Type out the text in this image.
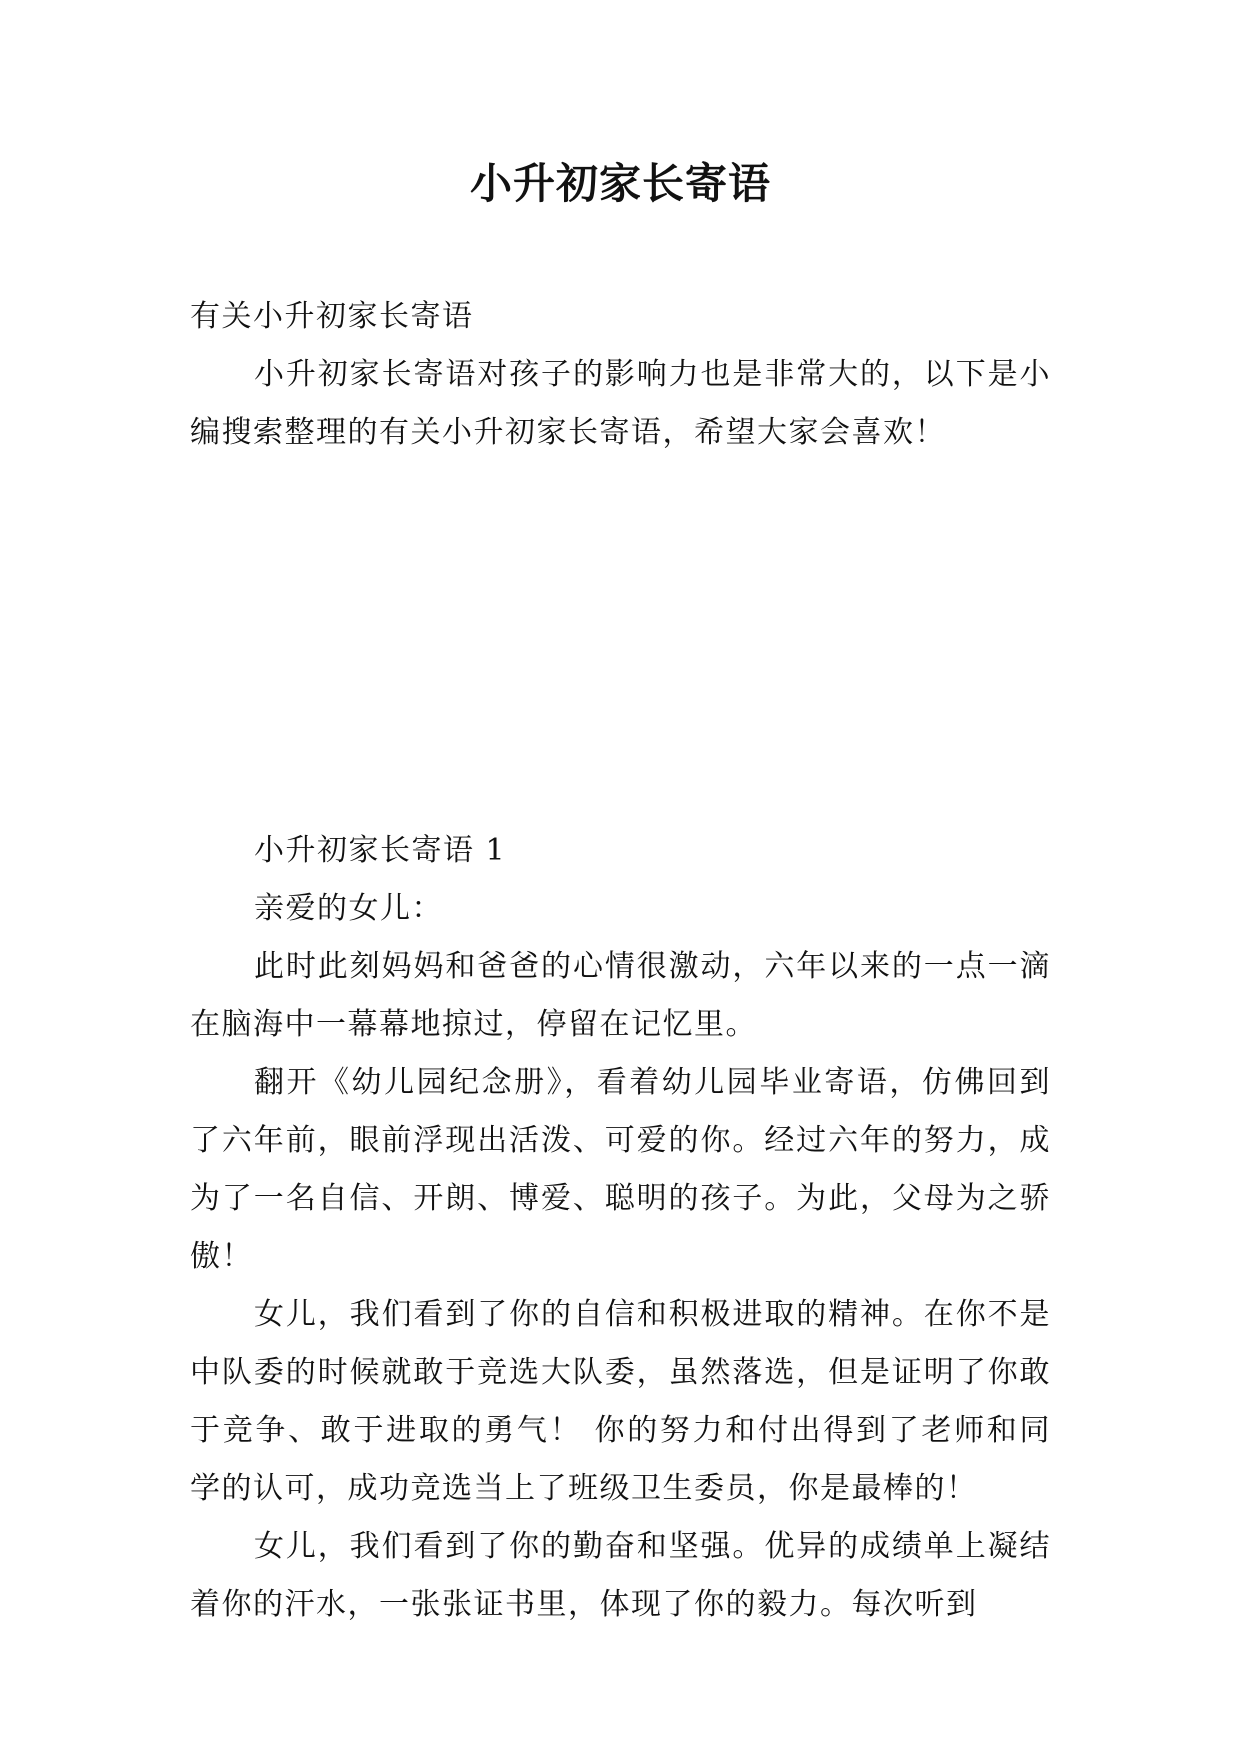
小升初家长寄语

有关小升初家长寄语

小升初家长寄语对孩子的影响力也是非常大的，以下是小编搜索整理的有关小升初家长寄语，希望大家会喜欢！

小升初家长寄语 1

亲爱的女儿：

此时此刻妈妈和爸爸的心情很激动，六年以来的一点一滴在脑海中一幕幕地掠过，停留在记忆里。

翻开《幼儿园纪念册》，看着幼儿园毕业寄语，仿佛回到了六年前，眼前浮现出活泼、可爱的你。经过六年的努力，成为了一名自信、开朗、博爱、聪明的孩子。为此，父母为之骄傲！

女儿，我们看到了你的自信和积极进取的精神。在你不是中队委的时候就敢于竞选大队委，虽然落选，但是证明了你敢于竞争、敢于进取的勇气！ 你的努力和付出得到了老师和同学的认可，成功竞选当上了班级卫生委员，你是最棒的！

女儿，我们看到了你的勤奋和坚强。优异的成绩单上凝结着你的汗水，一张张证书里，体现了你的毅力。每次听到
